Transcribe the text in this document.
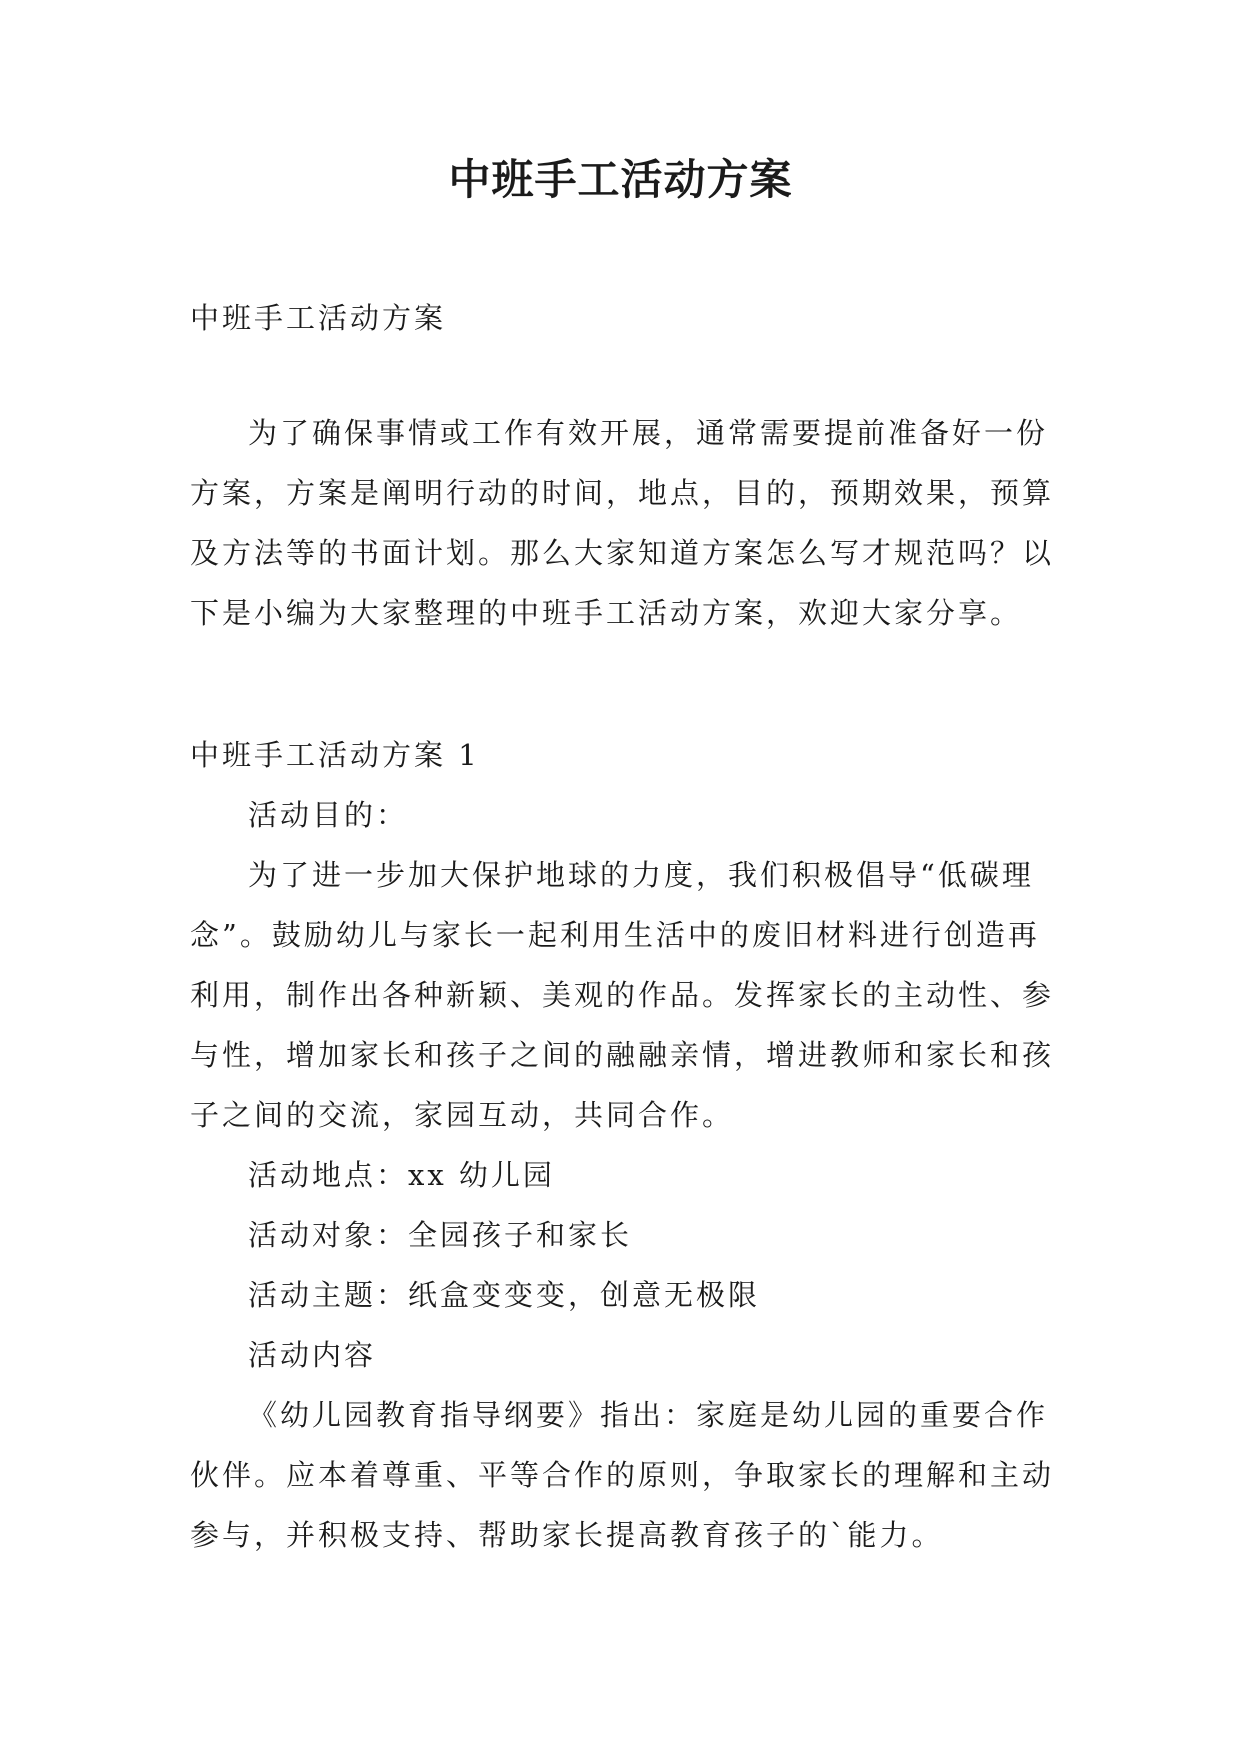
中班手工活动方案

中班手工活动方案

为了确保事情或工作有效开展，通常需要提前准备好一份方案，方案是阐明行动的时间，地点，目的，预期效果，预算及方法等的书面计划。那么大家知道方案怎么写才规范吗？以下是小编为大家整理的中班手工活动方案，欢迎大家分享。

中班手工活动方案 1

活动目的：

为了进一步加大保护地球的力度，我们积极倡导“低碳理念”。鼓励幼儿与家长一起利用生活中的废旧材料进行创造再利用，制作出各种新颖、美观的作品。发挥家长的主动性、参与性，增加家长和孩子之间的融融亲情，增进教师和家长和孩子之间的交流，家园互动，共同合作。

活动地点：xx 幼儿园

活动对象：全园孩子和家长

活动主题：纸盒变变变，创意无极限

活动内容

《幼儿园教育指导纲要》指出：家庭是幼儿园的重要合作伙伴。应本着尊重、平等合作的原则，争取家长的理解和主动参与，并积极支持、帮助家长提高教育孩子的`能力。
